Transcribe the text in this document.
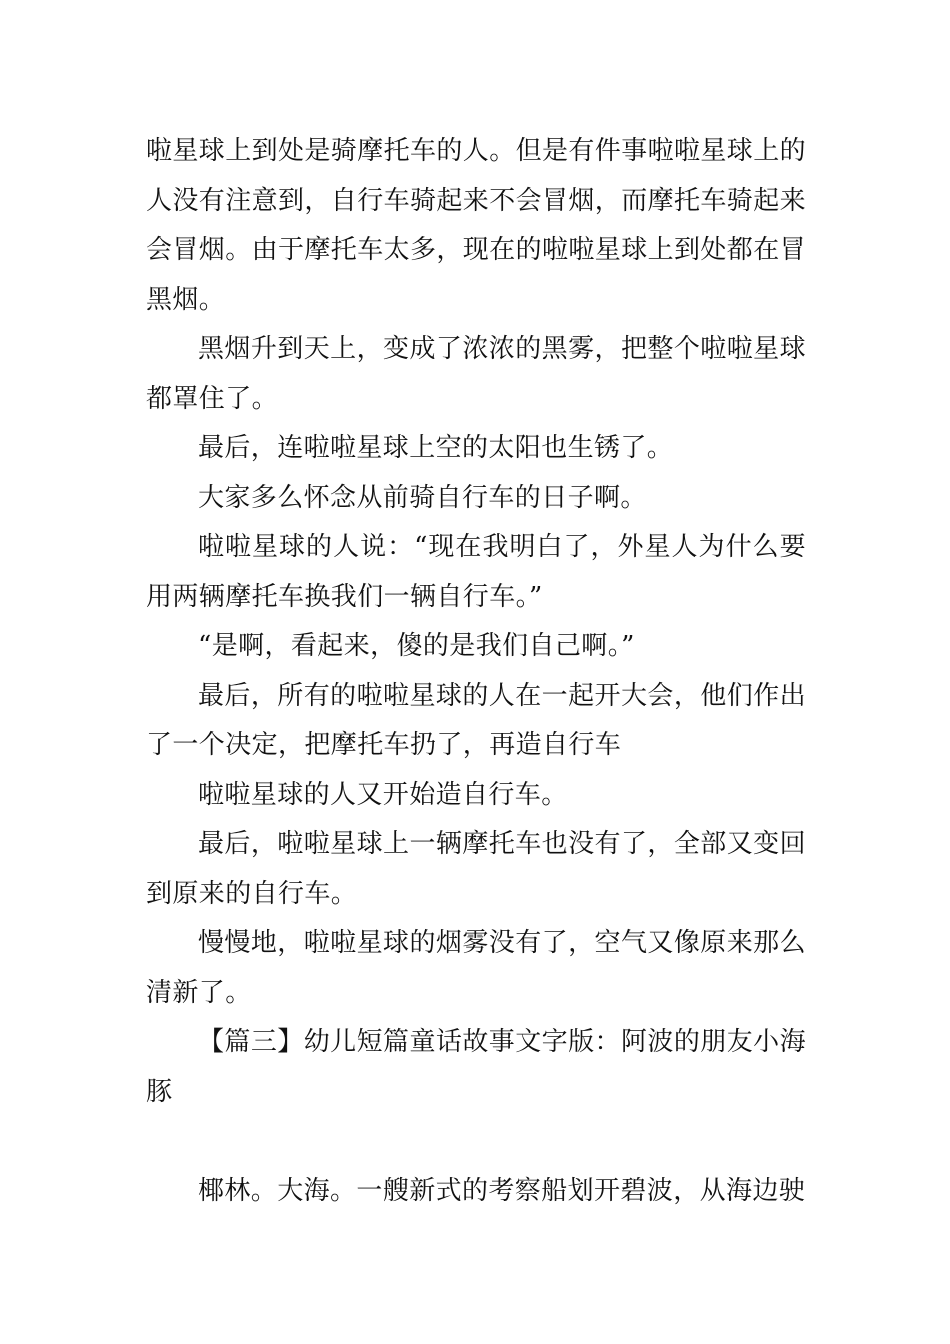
啦星球上到处是骑摩托车的人。但是有件事啦啦星球上的人没有注意到，自行车骑起来不会冒烟，而摩托车骑起来会冒烟。由于摩托车太多，现在的啦啦星球上到处都在冒黑烟。

黑烟升到天上，变成了浓浓的黑雾，把整个啦啦星球都罩住了。

最后，连啦啦星球上空的太阳也生锈了。

大家多么怀念从前骑自行车的日子啊。

啦啦星球的人说：“现在我明白了，外星人为什么要用两辆摩托车换我们一辆自行车。”

“是啊，看起来，傻的是我们自己啊。”

最后，所有的啦啦星球的人在一起开大会，他们作出了一个决定，把摩托车扔了，再造自行车

啦啦星球的人又开始造自行车。

最后，啦啦星球上一辆摩托车也没有了，全部又变回到原来的自行车。

慢慢地，啦啦星球的烟雾没有了，空气又像原来那么清新了。

【篇三】幼儿短篇童话故事文字版：阿波的朋友小海豚

椰林。大海。一艘新式的考察船划开碧波，从海边驶
